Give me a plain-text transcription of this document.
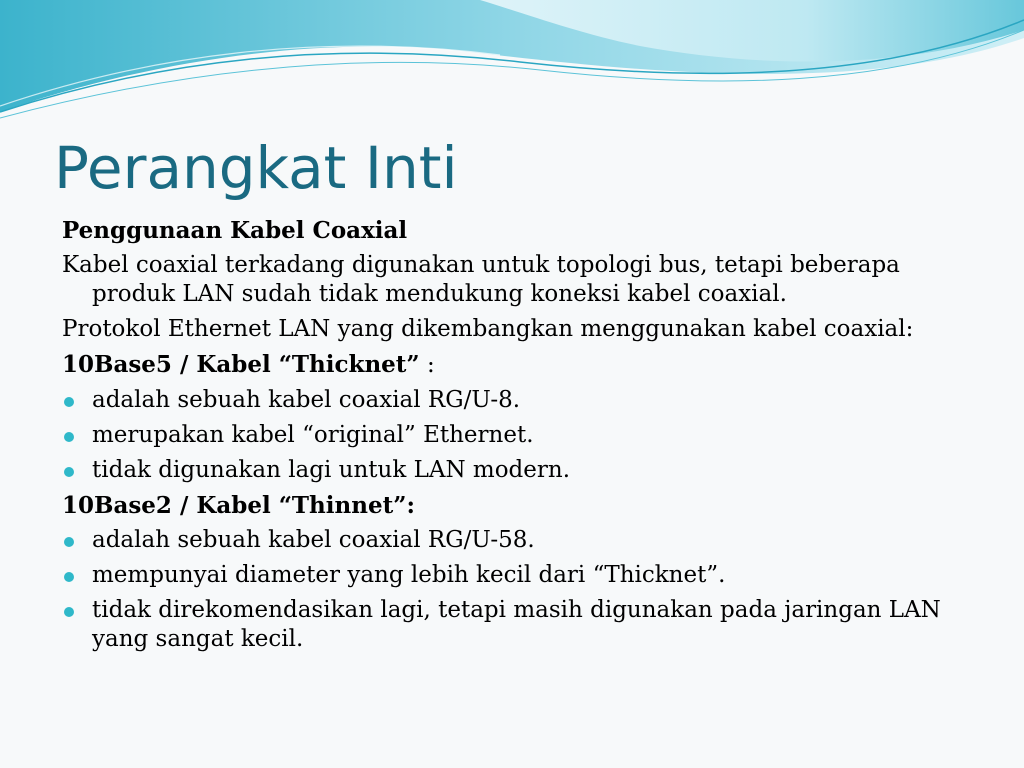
Perangkat Inti

Penggunaan Kabel Coaxial

Kabel coaxial terkadang digunakan untuk topologi bus, tetapi beberapa produk LAN sudah tidak mendukung koneksi kabel coaxial.

Protokol Ethernet LAN yang dikembangkan menggunakan kabel coaxial:

10Base5 / Kabel “Thicknet” :

adalah sebuah kabel coaxial RG/U-8.
merupakan kabel “original” Ethernet.
tidak digunakan lagi untuk LAN modern.

10Base2 / Kabel “Thinnet”:

adalah sebuah kabel coaxial RG/U-58.
mempunyai diameter yang lebih kecil dari “Thicknet”.
tidak direkomendasikan lagi, tetapi masih digunakan pada jaringan LAN yang sangat kecil.
